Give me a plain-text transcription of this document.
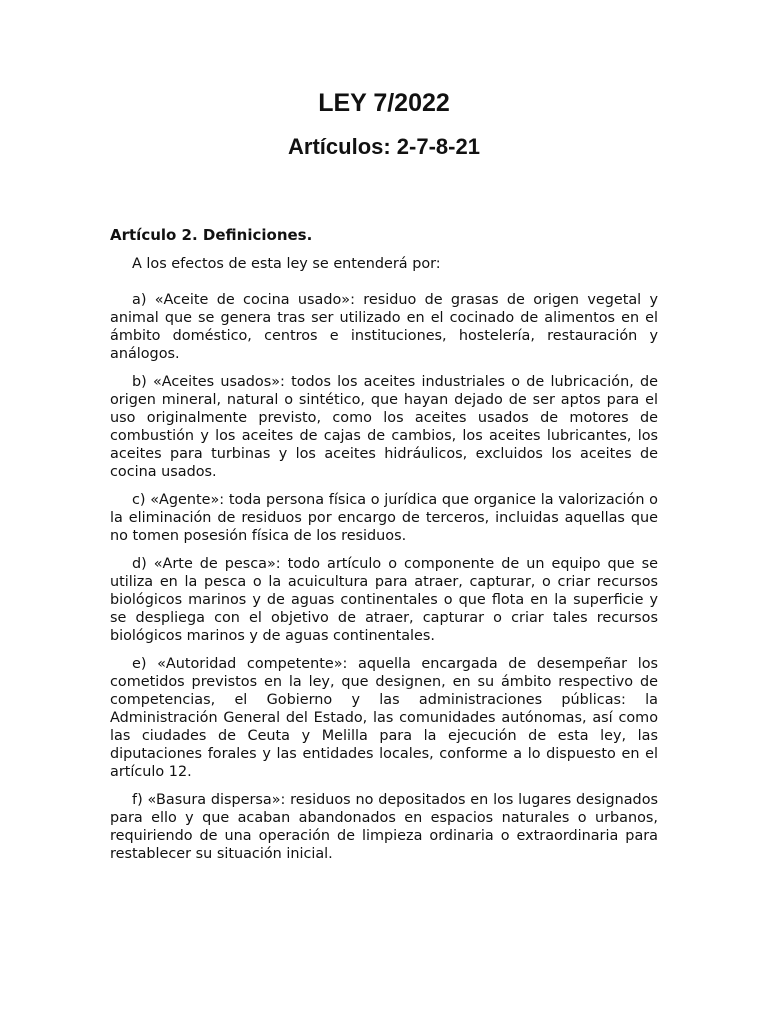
LEY 7/2022
Artículos: 2-7-8-21

Artículo 2. Definiciones.

A los efectos de esta ley se entenderá por:

a) «Aceite de cocina usado»: residuo de grasas de origen vegetal y animal que se genera tras ser utilizado en el cocinado de alimentos en el ámbito doméstico, centros e instituciones, hostelería, restauración y análogos.

b) «Aceites usados»: todos los aceites industriales o de lubricación, de origen mineral, natural o sintético, que hayan dejado de ser aptos para el uso originalmente previsto, como los aceites usados de motores de combustión y los aceites de cajas de cambios, los aceites lubricantes, los aceites para turbinas y los aceites hidráulicos, excluidos los aceites de cocina usados.

c) «Agente»: toda persona física o jurídica que organice la valorización o la eliminación de residuos por encargo de terceros, incluidas aquellas que no tomen posesión física de los residuos.

d) «Arte de pesca»: todo artículo o componente de un equipo que se utiliza en la pesca o la acuicultura para atraer, capturar, o criar recursos biológicos marinos y de aguas continentales o que flota en la superficie y se despliega con el objetivo de atraer, capturar o criar tales recursos biológicos marinos y de aguas continentales.

e) «Autoridad competente»: aquella encargada de desempeñar los cometidos previstos en la ley, que designen, en su ámbito respectivo de competencias, el Gobierno y las administraciones públicas: la Administración General del Estado, las comunidades autónomas, así como las ciudades de Ceuta y Melilla para la ejecución de esta ley, las diputaciones forales y las entidades locales, conforme a lo dispuesto en el artículo 12.

f) «Basura dispersa»: residuos no depositados en los lugares designados para ello y que acaban abandonados en espacios naturales o urbanos, requiriendo de una operación de limpieza ordinaria o extraordinaria para restablecer su situación inicial.
